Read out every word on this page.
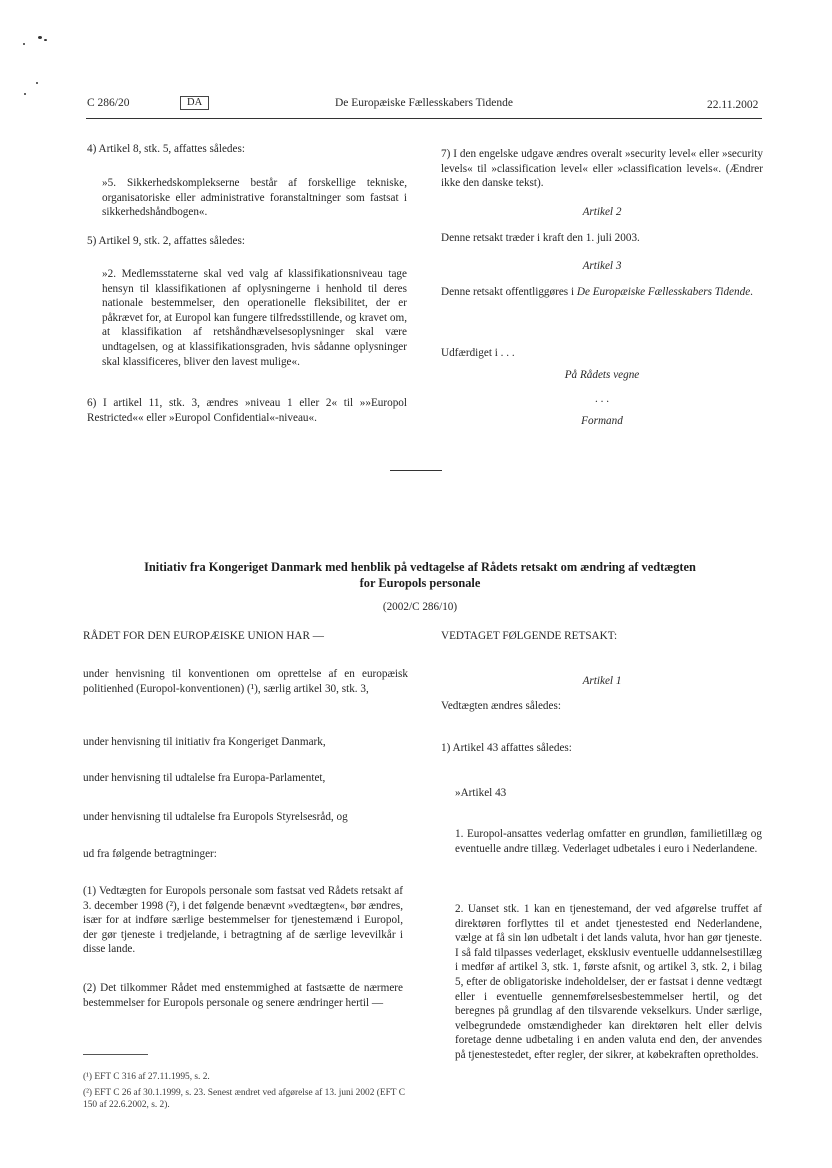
C 286/20	DA	De Europæiske Fællesskabers Tidende	22.11.2002
4) Artikel 8, stk. 5, affattes således:
»5. Sikkerhedskomplekserne består af forskellige tekniske, organisatoriske eller administrative foranstaltninger som fastsat i sikkerhedshåndbogen«.
5) Artikel 9, stk. 2, affattes således:
»2. Medlemsstaterne skal ved valg af klassifikationsniveau tage hensyn til klassifikationen af oplysningerne i henhold til deres nationale bestemmelser, den operationelle fleksibilitet, der er påkrævet for, at Europol kan fungere tilfredsstillende, og kravet om, at klassifikation af retshåndhævelsesoplysninger skal være undtagelsen, og at klassifikationsgraden, hvis sådanne oplysninger skal klassificeres, bliver den lavest mulige«.
6) I artikel 11, stk. 3, ændres »niveau 1 eller 2« til »»Europol Restricted«« eller »Europol Confidential«-niveau«.
7) I den engelske udgave ændres overalt »security level« eller »security levels« til »classification level« eller »classification levels«. (Ændrer ikke den danske tekst).
Artikel 2
Denne retsakt træder i kraft den 1. juli 2003.
Artikel 3
Denne retsakt offentliggøres i De Europæiske Fællesskabers Tidende.
Udfærdiget i . . .
På Rådets vegne
. . .
Formand
Initiativ fra Kongeriget Danmark med henblik på vedtagelse af Rådets retsakt om ændring af vedtægten for Europols personale
(2002/C 286/10)
RÅDET FOR DEN EUROPÆISKE UNION HAR —
under henvisning til konventionen om oprettelse af en europæisk politienhed (Europol-konventionen) (¹), særlig artikel 30, stk. 3,
under henvisning til initiativ fra Kongeriget Danmark,
under henvisning til udtalelse fra Europa-Parlamentet,
under henvisning til udtalelse fra Europols Styrelsesråd, og
ud fra følgende betragtninger:
(1) Vedtægten for Europols personale som fastsat ved Rådets retsakt af 3. december 1998 (²), i det følgende benævnt »vedtægten«, bør ændres, især for at indføre særlige bestemmelser for tjenestemænd i Europol, der gør tjeneste i tredjelande, i betragtning af de særlige levevilkår i disse lande.
(2) Det tilkommer Rådet med enstemmighed at fastsætte de nærmere bestemmelser for Europols personale og senere ændringer hertil —
(¹) EFT C 316 af 27.11.1995, s. 2.
(²) EFT C 26 af 30.1.1999, s. 23. Senest ændret ved afgørelse af 13. juni 2002 (EFT C 150 af 22.6.2002, s. 2).
VEDTAGET FØLGENDE RETSAKT:
Artikel 1
Vedtægten ændres således:
1) Artikel 43 affattes således:
»Artikel 43
1. Europol-ansattes vederlag omfatter en grundløn, familietillæg og eventuelle andre tillæg. Vederlaget udbetales i euro i Nederlandene.
2. Uanset stk. 1 kan en tjenestemand, der ved afgørelse truffet af direktøren forflyttes til et andet tjenestested end Nederlandene, vælge at få sin løn udbetalt i det lands valuta, hvor han gør tjeneste. I så fald tilpasses vederlaget, eksklusiv eventuelle uddannelsestillæg i medfør af artikel 3, stk. 1, første afsnit, og artikel 3, stk. 2, i bilag 5, efter de obligatoriske indeholdelser, der er fastsat i denne vedtægt eller i eventuelle gennemførelsesbestemmelser hertil, og det beregnes på grundlag af den tilsvarende vekselkurs. Under særlige, velbegrundede omstændigheder kan direktøren helt eller delvis foretage denne udbetaling i en anden valuta end den, der anvendes på tjenestestedet, efter regler, der sikrer, at købekraften opretholdes.
